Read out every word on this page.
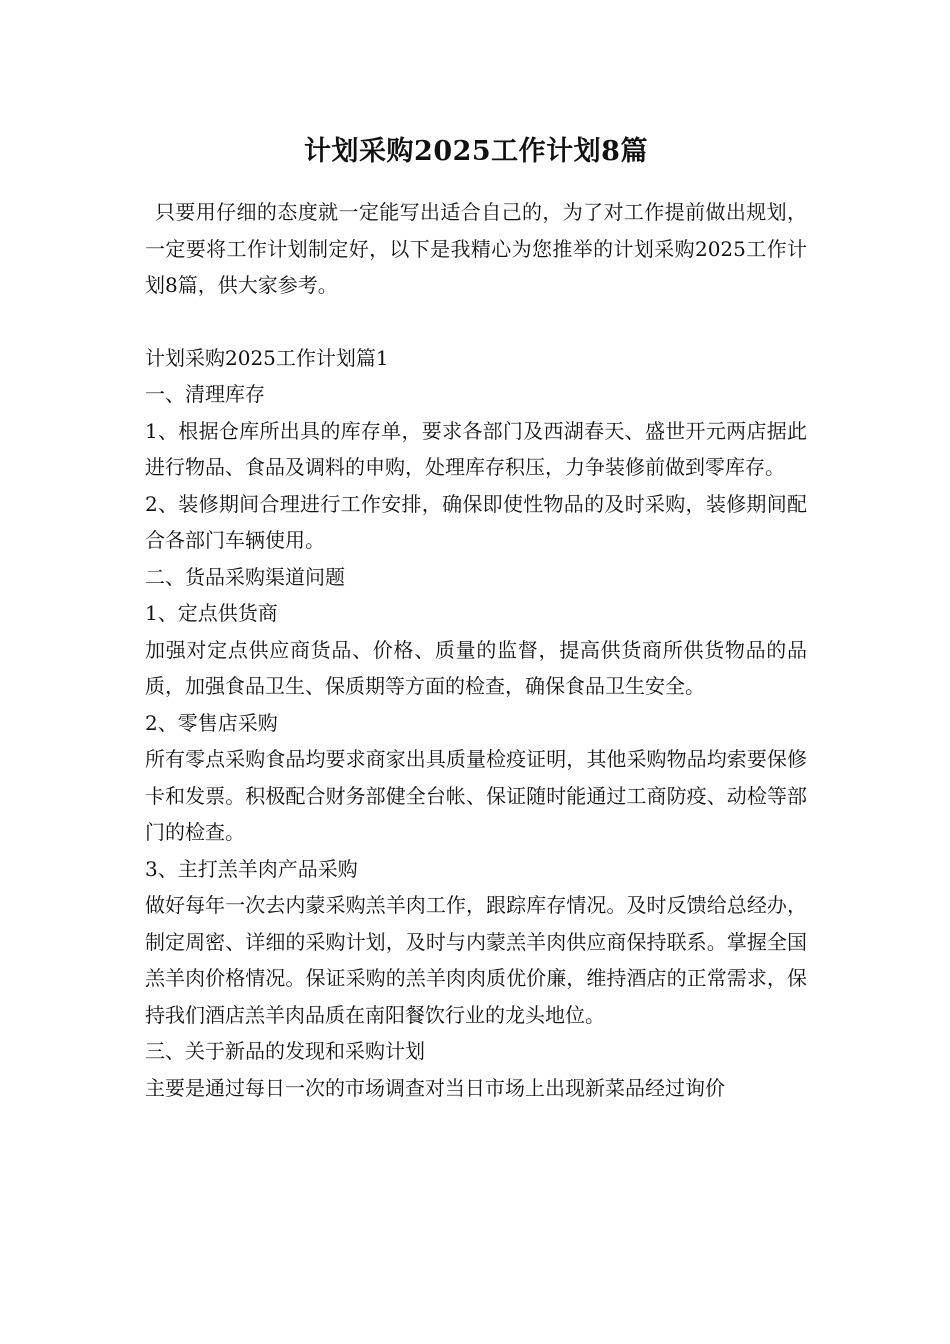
计划采购2025工作计划8篇

只要用仔细的态度就一定能写出适合自己的，为了对工作提前做出规划，一定要将工作计划制定好，以下是我精心为您推举的计划采购2025工作计划8篇，供大家参考。

计划采购2025工作计划篇1

一、清理库存

1、根据仓库所出具的库存单，要求各部门及西湖春天、盛世开元两店据此进行物品、食品及调料的申购，处理库存积压，力争装修前做到零库存。

2、装修期间合理进行工作安排，确保即使性物品的及时采购，装修期间配合各部门车辆使用。

二、货品采购渠道问题

1、定点供货商

加强对定点供应商货品、价格、质量的监督，提高供货商所供货物品的品质，加强食品卫生、保质期等方面的检查，确保食品卫生安全。

2、零售店采购

所有零点采购食品均要求商家出具质量检疫证明，其他采购物品均索要保修卡和发票。积极配合财务部健全台帐、保证随时能通过工商防疫、动检等部门的检查。

3、主打羔羊肉产品采购

做好每年一次去内蒙采购羔羊肉工作，跟踪库存情况。及时反馈给总经办，制定周密、详细的采购计划，及时与内蒙羔羊肉供应商保持联系。掌握全国羔羊肉价格情况。保证采购的羔羊肉肉质优价廉，维持酒店的正常需求，保持我们酒店羔羊肉品质在南阳餐饮行业的龙头地位。

三、关于新品的发现和采购计划

主要是通过每日一次的市场调查对当日市场上出现新菜品经过询价
